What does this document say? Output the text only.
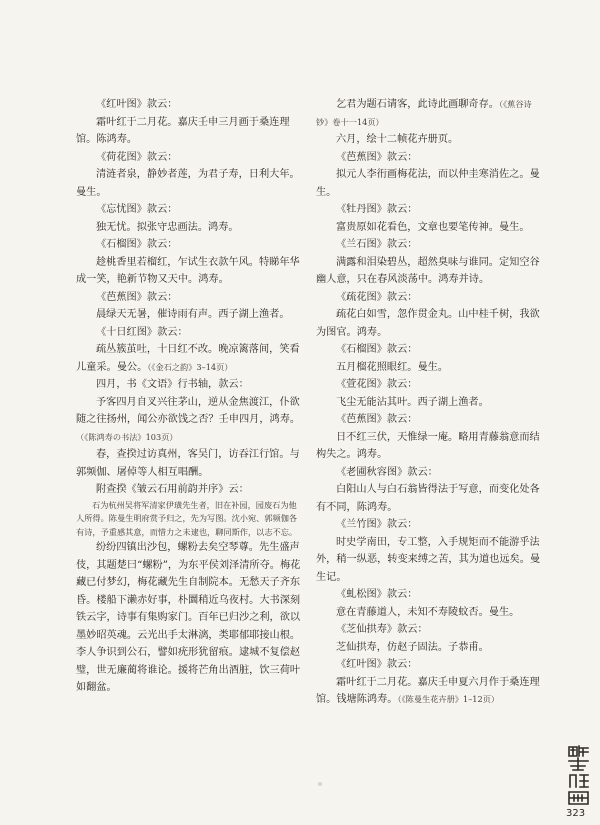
《红叶图》款云：

霜叶红于二月花。嘉庆壬申三月画于桑连理馆。陈鸿寿。

《荷花图》款云：

清涟者泉，静妙者莲，为君子寿，日利大年。曼生。

《忘忧图》款云：

独无忧。拟张守忠画法。鸿寿。

《石榴图》款云：

趁桃香里若榴红，乍试生衣款午风。特睇年华成一笑，艳新节物又天中。鸿寿。

《芭蕉图》款云：

晨绿天无暑，催诗雨有声。西子湖上渔者。

《十日红图》款云：

疏丛簇茧吐，十日红不改。晚凉篱落间，笑看儿童采。曼公。（《金石之韵》3–14页）

四月，书《文语》行书轴，款云：

予客四月自叉兴往茅山，逆从金焦渡江，仆欲随之往扬州，闻公亦欲饯之否？壬申四月，鸿寿。（《陈鸿寿の书法》103页）

春，查揆过访真州，客吴门，访吞江行馆。与郭频伽、屠倬等人相互唱酬。

附查揆《皱云石用前韵并序》云：

石为杭州吴将军清家伊璜先生者，旧在补园，园废石为他人所得。陈曼生明府赏予归之，先为写图。沈小宛、郭频伽各有诗，予重感其意，而惜力之未逮也，聊同斯作，以志不忘。

纷纷四镇出沙包，螺粉去矣空琴尊。先生盛声伎，其题楚曰“螺粉”，为东平侯刘泽清所夺。梅花藏已付梦幻，梅花藏先生自制院本。无愁天子齐东昏。楼船下濑赤好事，朴圜稍近乌夜村。大书深刻铁云字，诗事有集购家门。百年已归沙之利，欲以墨妙昭英魂。云光出手太淋漓，类耶郁耶接山根。李人争识到公石，譬如疣形犹留痕。逮城不复偿赵璧，世无廉蔺将谁论。援将芒角出酒脏，饮三荷叶如翻盆。

乞君为题石请客，此诗此画聊奇存。（《蕉谷诗钞》卷十一14页）

六月，绘十二帧花卉册页。

《芭蕉图》款云：

拟元人李衎画梅花法，而以仲圭寒消佐之。曼生。

《牡丹图》款云：

富贵原如花看色，文章也要笔传神。曼生。

《兰石图》款云：

满露和泪染碧丛，超然臭味与谁同。定知空谷幽人意，只在春风淡荡中。鸿寿并诗。

《疏花图》款云：

疏花白如雪，忽作贯金丸。山中桂千树，我欲为图官。鸿寿。

《石榴图》款云：

五月榴花照眼红。曼生。

《萱花图》款云：

飞尘无能沾其叶。西子湖上渔者。

《芭蕉图》款云：

日不红三伏，天惟绿一庵。略用青藤翁意而结构失之。鸿寿。

《老圃秋容图》款云：

白阳山人与白石翁皆得法于写意，而变化处各有不同，陈鸿寿。

《兰竹图》款云：

时史学南田，专工整，入手规矩而不能游乎法外，稍一纵恶，转变来缚之苦，其为道也远矣。曼生记。

《虬松图》款云：

意在青藤道人，未知不寿陵蚊否。曼生。

《芝仙拱寿》款云：

芝仙拱寿，仿赵子固法。子恭甫。

《红叶图》款云：

霜叶红于二月花。嘉庆壬申夏六月作于桑连理馆。钱塘陈鸿寿。（《陈曼生花卉册》1–12页）

323
